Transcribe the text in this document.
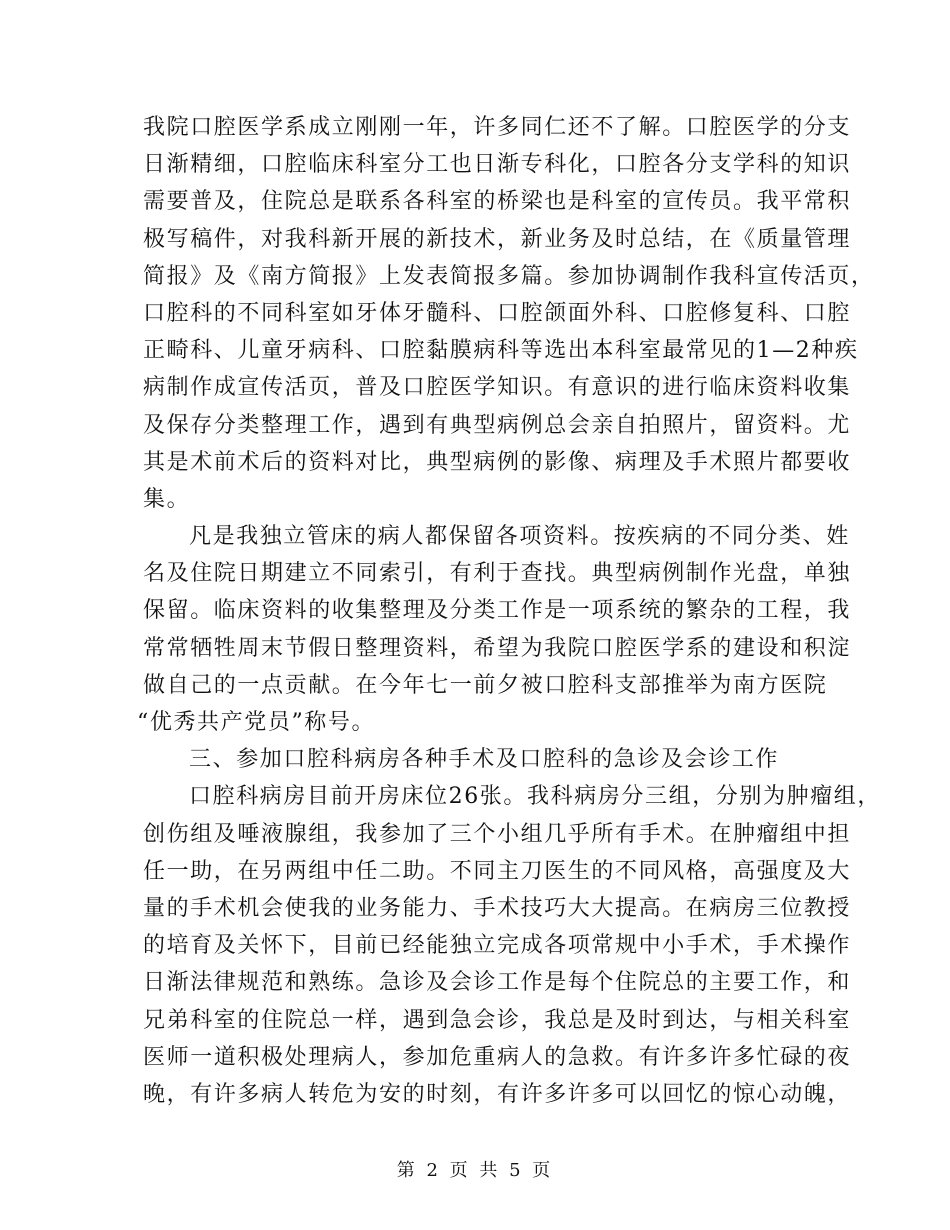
我院口腔医学系成立刚刚一年，许多同仁还不了解。口腔医学的分支
日渐精细，口腔临床科室分工也日渐专科化，口腔各分支学科的知识
需要普及，住院总是联系各科室的桥梁也是科室的宣传员。我平常积
极写稿件，对我科新开展的新技术，新业务及时总结，在《质量管理
简报》及《南方简报》上发表简报多篇。参加协调制作我科宣传活页，
口腔科的不同科室如牙体牙髓科、口腔颌面外科、口腔修复科、口腔
正畸科、儿童牙病科、口腔黏膜病科等选出本科室最常见的1—2种疾
病制作成宣传活页，普及口腔医学知识。有意识的进行临床资料收集
及保存分类整理工作，遇到有典型病例总会亲自拍照片，留资料。尤
其是术前术后的资料对比，典型病例的影像、病理及手术照片都要收
集。
凡是我独立管床的病人都保留各项资料。按疾病的不同分类、姓
名及住院日期建立不同索引，有利于查找。典型病例制作光盘，单独
保留。临床资料的收集整理及分类工作是一项系统的繁杂的工程，我
常常牺牲周末节假日整理资料，希望为我院口腔医学系的建设和积淀
做自己的一点贡献。在今年七一前夕被口腔科支部推举为南方医院
“优秀共产党员”称号。
三、参加口腔科病房各种手术及口腔科的急诊及会诊工作
口腔科病房目前开房床位26张。我科病房分三组，分别为肿瘤组，
创伤组及唾液腺组，我参加了三个小组几乎所有手术。在肿瘤组中担
任一助，在另两组中任二助。不同主刀医生的不同风格，高强度及大
量的手术机会使我的业务能力、手术技巧大大提高。在病房三位教授
的培育及关怀下，目前已经能独立完成各项常规中小手术，手术操作
日渐法律规范和熟练。急诊及会诊工作是每个住院总的主要工作，和
兄弟科室的住院总一样，遇到急会诊，我总是及时到达，与相关科室
医师一道积极处理病人，参加危重病人的急救。有许多许多忙碌的夜
晚，有许多病人转危为安的时刻，有许多许多可以回忆的惊心动魄，
第 2 页 共 5 页
